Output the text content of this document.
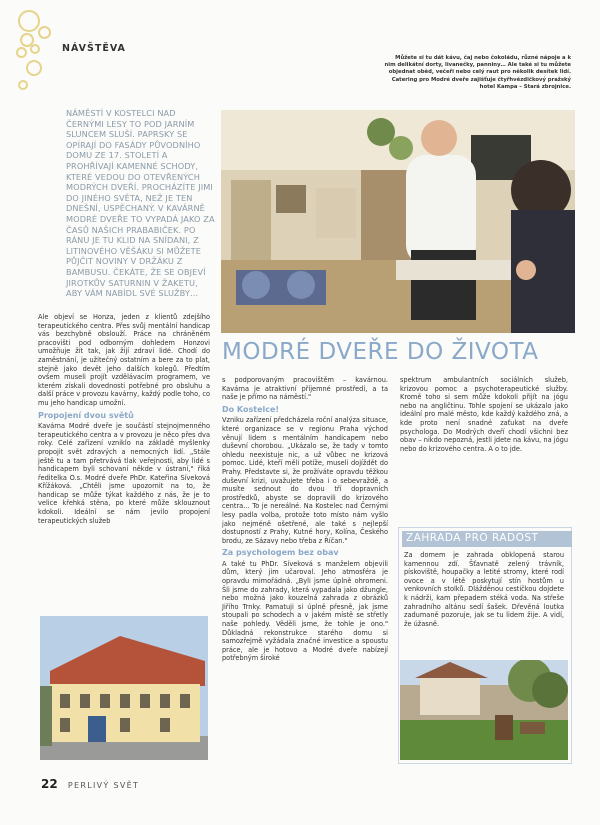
NÁVŠTĚVA
Můžete si tu dát kávu, čaj nebo čokoládu, různé nápoje a k nim delikátní dorty, livanečky, panniny… Ale také si tu můžete objednat oběd, večeři nebo celý raut pro několik desítek lidí. Catering pro Modré dveře zajišťuje čtyřhvězdičkový pražský hotel Kampa – Stará zbrojnice.
NÁMĚSTÍ V KOSTELCI NAD ČERNÝMI LESY TO POD JARNÍM SLUNCEM SLUŠÍ. PAPRSKY SE OPÍRAJÍ DO FASÁDY PŮVODNÍHO DOMU ZE 17. STOLETÍ A PROHŘÍVAJÍ KAMENNÉ SCHODY, KTERÉ VEDOU DO OTEVŘENÝCH MODRÝCH DVEŘÍ. PROCHÁZÍTE JIMI DO JINÉHO SVĚTA, NEŽ JE TEN DNEŠNÍ, USPĚCHANÝ. V KAVÁRNĚ MODRÉ DVEŘE TO VYPADÁ JAKO ZA ČASŮ NAŠICH PRABABIČEK. PO RÁNU JE TU KLID NA SNÍDANI, Z LITINOVÉHO VĚŠÁKU SI MŮŽETE PŮJČIT NOVINY V DRŽÁKU Z BAMBUSU. ČEKÁTE, ŽE SE OBJEVÍ JIROTKŮV SATURNIN V ŽAKETU, ABY VÁM NABÍDL SVÉ SLUŽBY…
MODRÉ DVEŘE DO ŽIVOTA

Ale objeví se Honza, jeden z klientů zdejšího terapeutického centra. Přes svůj mentální handicap vás bezchybně obslouží. Práce na chráněném pracovišti pod odborným dohledem Honzovi umožňuje žít tak, jak žijí zdraví lidé. Chodí do zaměstnání, je užitečný ostatním a bere za to plat, stejně jako devět jeho dalších kolegů. Předtím ovšem museli projít vzdělávacím programem, ve kterém získali dovednosti potřebné pro obsluhu a další práce v provozu kavárny, každý podle toho, co mu jeho handicap umožní.

Propojení dvou světů

Kavárna Modré dveře je součástí stejnojmenného terapeutického centra a v provozu je něco přes dva roky. Celé zařízení vzniklo na základě myšlenky propojit svět zdravých a nemocných lidí. „Stále ještě tu a tam přetrvává tlak veřejnosti, aby lidé s handicapem byli schovaní někde v ústraní," říká ředitelka O.s. Modré dveře PhDr. Kateřina Síveková Křížáková. „Chtěli jsme upozornit na to, že handicap se může týkat každého z nás, že je to velice křehká stěna, po které může sklouznout kdokoli. Ideální se nám jevilo propojení terapeutických služeb

s podporovaným pracovištěm – kavárnou. Kavárna je atraktivní příjemné prostředí, a ta naše je přímo na náměstí."

Do Kostelce!

Vzniku zařízení předcházela roční analýza situace, které organizace se v regionu Praha východ věnují lidem s mentálním handicapem nebo duševní chorobou. „Ukázalo se, že tady v tomto ohledu neexistuje nic, a už vůbec ne krizová pomoc. Lidé, kteří měli potíže, museli dojíždět do Prahy. Představte si, že prožíváte opravdu těžkou duševní krizi, uvažujete třeba i o sebevraždě, a musíte sednout do dvou tří dopravních prostředků, abyste se dopravili do krizového centra… To je nereálné. Na Kostelec nad Černými lesy padla volba, protože toto místo nám vyšlo jako nejméně ošetřené, ale také s nejlepší dostupností z Prahy, Kutné hory, Kolína, Českého brodu, ze Sázavy nebo třeba z Říčan."

Za psychologem bez obav

A také tu PhDr. Síveková s manželem objevili dům, který jim učaroval. Jeho atmosféra je opravdu mimořádná. „Byli jsme úplně ohromeni. Šli jsme do zahrady, která vypadala jako džungle, nebo možná jako kouzelná zahrada z obrázků Jiřího Trnky. Pamatuji si úplně přesně, jak jsme stoupali po schodech a v jakém místě se střetly naše pohledy. Věděli jsme, že tohle je ono." Důkladná rekonstrukce starého domu si samozřejmě vyžádala značné investice a spoustu práce, ale je hotovo a Modré dveře nabízejí potřebným široké

spektrum ambulantních sociálních služeb, krizovou pomoc a psychoterapeutické služby. Kromě toho si sem může kdokoli přijít na jógu nebo na angličtinu. Tohle spojení se ukázalo jako ideální pro malé město, kde každý každého zná, a kde proto není snadné zaťukat na dveře psychologa. Do Modrých dveří chodí všichni bez obav – nikdo nepozná, jestli jdete na kávu, na jógu nebo do krizového centra. A o to jde.

ZAHRADA PRO RADOST
Za domem je zahrada obklopená starou kamennou zdí. Šťavnatě zelený trávník, pískoviště, houpačky a letité stromy, které rodí ovoce a v létě poskytují stín hostům u venkovních stolků. Dlážděnou cestičkou dojdete k nádrži, kam přepadem stéká voda. Na střeše zahradního altánu sedí šašek. Dřevěná loutka zadumaně pozoruje, jak se tu lidem žije. A vidí, že úžasně.
22 PERLIVÝ SVĚT
